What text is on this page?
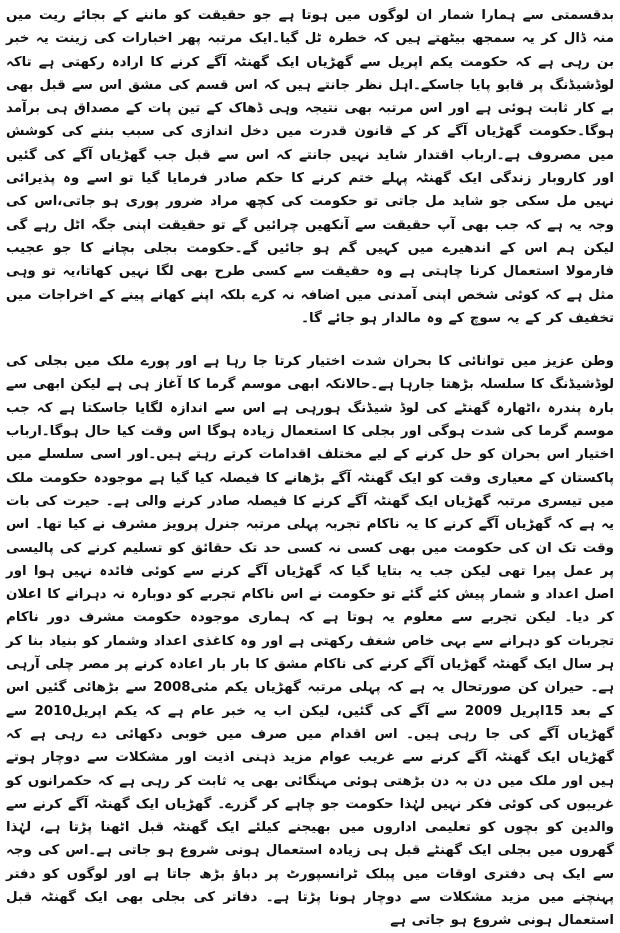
بدقسمتی سے ہمارا شمار ان لوگوں میں ہوتا ہے جو حقیقت کو ماننے کے بجائے ریت میں منہ ڈال کر یہ سمجھ بیٹھتے ہیں کہ خطرہ ٹل گیا۔ایک مرتبہ پھر اخبارات کی زینت یہ خبر بن رہی ہے کہ حکومت یکم اپریل سے گھڑیاں ایک گھنٹہ آگے کرنے کا ارادہ رکھتی ہے تاکہ لوڈشیڈنگ پر قابو پایا جاسکے۔اہل نظر جانتے ہیں کہ اس قسم کی مشق اس سے قبل بھی بے کار ثابت ہوئی ہے اور اس مرتبہ بھی نتیجہ وہی ڈھاک کے تین پات کے مصداق ہی برآمد ہوگا۔حکومت گھڑیاں آگے کر کے قانون قدرت میں دخل اندازی کی سبب بننے کی کوشش میں مصروف ہے۔ارباب اقتدار شاید نہیں جانتے کہ اس سے قبل جب گھڑیاں آگے کی گئیں اور کاروبار زندگی ایک گھنٹہ پہلے ختم کرنے کا حکم صادر فرمایا گیا تو اسے وہ پذیرائی نہیں مل سکی جو شاید مل جاتی تو حکومت کی کچھ مراد ضرور پوری ہو جاتی،اس کی وجہ یہ ہے کہ جب بھی آپ حقیقت سے آنکھیں چرائیں گے تو حقیقت اپنی جگہ اٹل رہے گی لیکن ہم اس کے اندھیرے میں کہیں گم ہو جائیں گے۔حکومت بجلی بچانے کا جو عجیب فارمولا استعمال کرنا چاہتی ہے وہ حقیقت سے کسی طرح بھی لگا نہیں کھاتا،یہ تو وہی مثل ہے کہ کوئی شخص اپنی آمدنی میں اضافہ نہ کرے بلکہ اپنے کھانے پینے کے اخراجات میں تخفیف کر کے یہ سوچ کے وہ مالدار ہو جائے گا۔

وطن عزیز میں توانائی کا بحران شدت اختیار کرتا جا رہا ہے اور پورے ملک میں بجلی کی لوڈشیڈنگ کا سلسلہ بڑھتا جارہا ہے۔حالانکہ ابھی موسم گرما کا آغاز ہی ہے لیکن ابھی سے بارہ پندرہ ،اٹھارہ گھنٹے کی لوڈ شیڈنگ ہورہی ہے اس سے اندازہ لگایا جاسکتا ہے کہ جب موسم گرما کی شدت ہوگی اور بجلی کا استعمال زیادہ ہوگا اس وقت کیا حال ہوگا۔ارباب اختیار اس بحران کو حل کرنے کے لیے مختلف اقدامات کرتے رہتے ہیں۔اور اسی سلسلے میں پاکستان کے معیاری وقت کو ایک گھنٹہ آگے بڑھانے کا فیصلہ کیا گیا ہے موجودہ حکومت ملک میں تیسری مرتبہ گھڑیاں ایک گھنٹہ آگے کرنے کا فیصلہ صادر کرنے والی ہے۔ حیرت کی بات یہ ہے کہ گھڑیاں آگے کرنے کا یہ ناکام تجربہ پہلی مرتبہ جنرل پرویز مشرف نے کیا تھا۔ اس وقت تک ان کی حکومت میں بھی کسی نہ کسی حد تک حقائق کو تسلیم کرنے کی پالیسی پر عمل پیرا تھی لیکن جب یہ بتایا گیا کہ گھڑیاں آگے کرنے سے کوئی فائدہ نہیں ہوا اور اصل اعداد و شمار پیش کئے گئے تو حکومت نے اس ناکام تجربے کو دوبارہ نہ دہرانے کا اعلان کر دیا۔ لیکن تجربے سے معلوم یہ ہوتا ہے کہ ہماری موجودہ حکومت مشرف دور ناکام تجربات کو دہرانے سے بہی خاص شغف رکھتی ہے اور وہ کاغذی اعداد وشمار کو بنیاد بنا کر ہر سال ایک گھنٹہ گھڑیاں آگے کرنے کی ناکام مشق کا بار بار اعادہ کرنے پر مصر چلی آرہی ہے۔ حیران کن صورتحال یہ ہے کہ پہلی مرتبہ گھڑیاں یکم مئی2008 سے بڑھائی گئیں اس کے بعد 15اپریل 2009 سے آگے کی گئیں، لیکن اب یہ خبر عام ہے کہ یکم اپریل2010 سے گھڑیاں آگے کی جا رہی ہیں۔ اس اقدام میں صرف میں خوبی دکھائی دے رہی ہے کہ گھڑیاں ایک گھنٹہ آگے کرنے سے غریب عوام مزید ذہنی اذیت اور مشکلات سے دوچار ہوتے ہیں اور ملک میں دن بہ دن بڑھتی ہوئی مہنگائی بھی یہ ثابت کر رہی ہے کہ حکمرانوں کو غریبوں کی کوئی فکر نہیں لہٰذا حکومت جو چاہے کر گزرے۔ گھڑیاں ایک گھنٹہ آگے کرنے سے والدین کو بچوں کو تعلیمی اداروں میں بھیجنے کیلئے ایک گھنٹہ قبل اٹھنا پڑتا ہے، لہٰذا گھروں میں بجلی ایک گھنٹے قبل ہی زیادہ استعمال ہونی شروع ہو جاتی ہے۔اس کی وجہ سے ایک ہی دفتری اوقات میں پبلک ٹرانسپورٹ پر دباؤ بڑھ جاتا ہے اور لوگوں کو دفتر پہنچنے میں مزید مشکلات سے دوچار ہونا پڑتا ہے۔ دفاتر کی بجلی بھی ایک گھنٹہ قبل استعمال ہونی شروع ہو جاتی ہے
